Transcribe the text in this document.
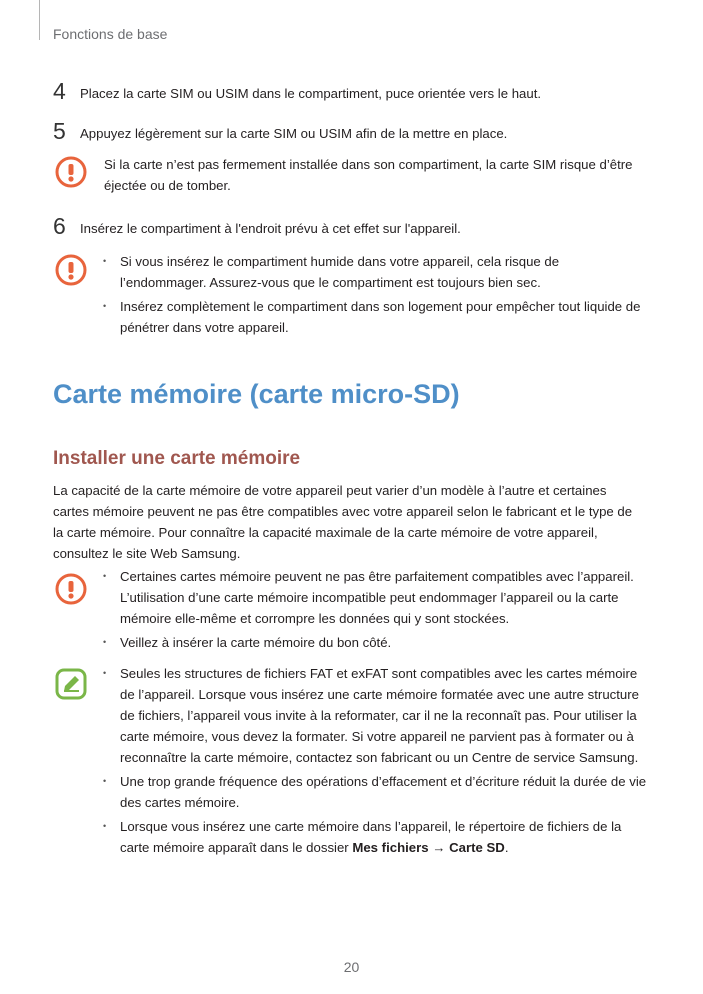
Fonctions de base
4 Placez la carte SIM ou USIM dans le compartiment, puce orientée vers le haut.
5 Appuyez légèrement sur la carte SIM ou USIM afin de la mettre en place.
Si la carte n’est pas fermement installée dans son compartiment, la carte SIM risque d’être éjectée ou de tomber.
6 Insérez le compartiment à l'endroit prévu à cet effet sur l'appareil.
• Si vous insérez le compartiment humide dans votre appareil, cela risque de l’endommager. Assurez-vous que le compartiment est toujours bien sec.
• Insérez complètement le compartiment dans son logement pour empêcher tout liquide de pénétrer dans votre appareil.
Carte mémoire (carte micro-SD)
Installer une carte mémoire
La capacité de la carte mémoire de votre appareil peut varier d’un modèle à l’autre et certaines cartes mémoire peuvent ne pas être compatibles avec votre appareil selon le fabricant et le type de la carte mémoire. Pour connaître la capacité maximale de la carte mémoire de votre appareil, consultez le site Web Samsung.
• Certaines cartes mémoire peuvent ne pas être parfaitement compatibles avec l’appareil. L’utilisation d’une carte mémoire incompatible peut endommager l’appareil ou la carte mémoire elle-même et corrompre les données qui y sont stockées.
• Veillez à insérer la carte mémoire du bon côté.
• Seules les structures de fichiers FAT et exFAT sont compatibles avec les cartes mémoire de l’appareil. Lorsque vous insérez une carte mémoire formatée avec une autre structure de fichiers, l’appareil vous invite à la reformater, car il ne la reconnaît pas. Pour utiliser la carte mémoire, vous devez la formater. Si votre appareil ne parvient pas à formater ou à reconnaître la carte mémoire, contactez son fabricant ou un Centre de service Samsung.
• Une trop grande fréquence des opérations d’effacement et d’écriture réduit la durée de vie des cartes mémoire.
• Lorsque vous insérez une carte mémoire dans l’appareil, le répertoire de fichiers de la carte mémoire apparaît dans le dossier Mes fichiers → Carte SD.
20
